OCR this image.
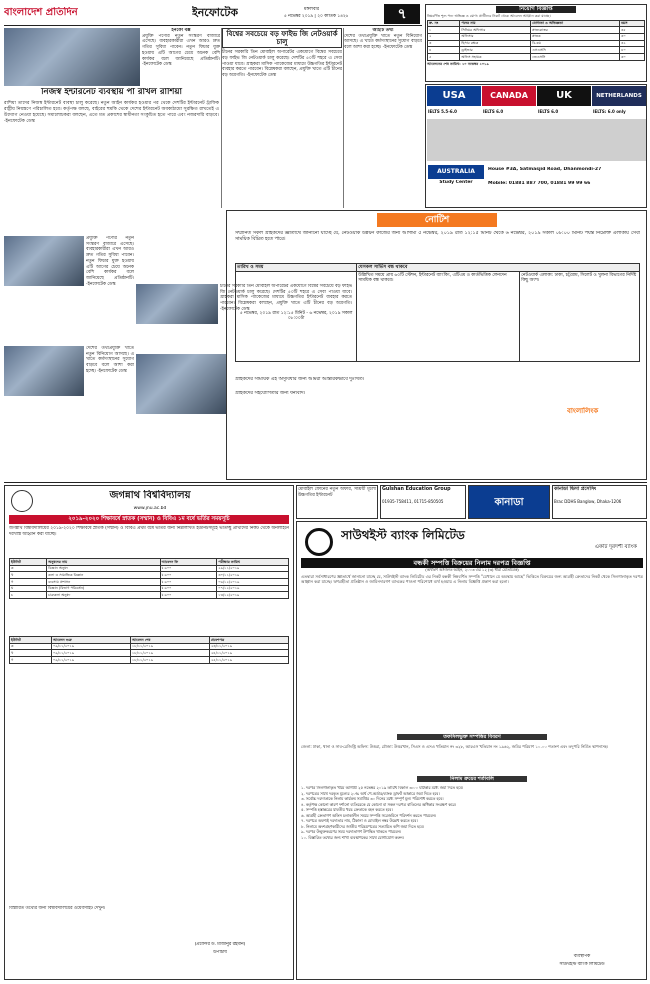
বাংলাদেশ প্রতিদিন	ইনফোটেক	মঙ্গলবার
৫ নভেম্বর ২০১৯ | ২০ কার্তিক ১৪২৬	৭	নিয়োগ বিজ্ঞপ্তি
নিম্নবর্ণিত শূন্য পদে অভিজ্ঞ ও যোগ্য প্রার্থীদের নিকট থেকে আবেদন আহ্বান করা যাচ্ছে।
ক্র. নং	পদের নাম	যোগ্যতা ও অভিজ্ঞতা	বয়স
১	সিনিয়র অফিসার	স্নাতকোত্তর	৩৫
২	অফিসার	স্নাতক	৩০
৩	হিসাব রক্ষক	বি.কম	৩২
৪	ড্রাইভার	এসএসসি	৪০
৫	অফিস সহায়ক	জেএসসি	৩০
আবেদনের শেষ তারিখ: ২০ নভেম্বর ২০১৯
ইনফো বক্স
প্রযুক্তি পণ্যের নতুন সংস্করণ বাজারে এসেছে। ব্যবহারকারীরা এখন আরও দ্রুত গতির সুবিধা পাবেন। নতুন ফিচার যুক্ত হওয়ায় এটি আগের চেয়ে অনেক বেশি কার্যকর বলে জানিয়েছে প্রতিষ্ঠানটি। -ইনফোটেক ডেস্ক
নিজস্ব ইন্টারনেট ব্যবস্থায় পা রাখল রাশিয়া
রাশিয়া তাদের নিজস্ব ইন্টারনেট ব্যবস্থা চালু করেছে। নতুন আইন কার্যকর হওয়ার পর থেকে দেশটির ইন্টারনেট ট্রাফিক রাষ্ট্রীয় নিয়ন্ত্রণে পরিচালিত হবে। কর্তৃপক্ষ বলছে, বাইরের হুমকি থেকে দেশের ইন্টারনেট অবকাঠামো সুরক্ষিত রাখতেই এ উদ্যোগ নেওয়া হয়েছে। সমালোচকরা বলছেন, এতে মত প্রকাশের স্বাধীনতা সংকুচিত হতে পারে এবং নজরদারি বাড়বে। -ইনফোটেক ডেস্ক
বিশ্বের সবচেয়ে বড় ফাইভ জি নেটওয়ার্ক চালু
চীনের সরকারি তিন মোবাইল অপারেটর একযোগে বিশ্বের সবচেয়ে বড় ফাইভ জি নেটওয়ার্ক চালু করেছে। দেশটির ৫০টি শহরে এ সেবা পাওয়া যাবে। গ্রাহকরা মাসিক প্যাকেজের মাধ্যমে উচ্চগতির ইন্টারনেট ব্যবহার করতে পারবেন। বিশ্লেষকরা বলছেন, প্রযুক্তি খাতে এটি চীনের বড় অগ্রগতি। -ইনফোটেক ডেস্ক
আইটি তথ্য
দেশের তথ্যপ্রযুক্তি খাতে নতুন বিনিয়োগ আসছে। এ খাতে কর্মসংস্থানের সুযোগ বাড়বে বলে আশা করা হচ্ছে। -ইনফোটেক ডেস্ক
USA	CANADA	UK	NETHERLANDS
IELTS 5.5-6.0	IELTS 6.0	IELTS 6.0	IELTS: 6.0 only
AUSTRALIA
Study Center
House #3A, Satmasjid Road, Dhanmondi-27
Mobile: 01881 887 700, 01881 99 99 66
প্রযুক্তি পণ্যের নতুন সংস্করণ বাজারে এসেছে। ব্যবহারকারীরা এখন আরও দ্রুত গতির সুবিধা পাবেন। নতুন ফিচার যুক্ত হওয়ায় এটি আগের চেয়ে অনেক বেশি কার্যকর বলে জানিয়েছে প্রতিষ্ঠানটি। -ইনফোটেক ডেস্ক
দেশের তথ্যপ্রযুক্তি খাতে নতুন বিনিয়োগ আসছে। এ খাতে কর্মসংস্থানের সুযোগ বাড়বে বলে আশা করা হচ্ছে। -ইনফোটেক ডেস্ক
চীনের সরকারি তিন মোবাইল অপারেটর একযোগে বিশ্বের সবচেয়ে বড় ফাইভ জি নেটওয়ার্ক চালু করেছে। দেশটির ৫০টি শহরে এ সেবা পাওয়া যাবে। গ্রাহকরা মাসিক প্যাকেজের মাধ্যমে উচ্চগতির ইন্টারনেট ব্যবহার করতে পারবেন। বিশ্লেষকরা বলছেন, প্রযুক্তি খাতে এটি চীনের বড় অগ্রগতি। -ইনফোটেক ডেস্ক
নোটিশ
সম্মানিত সকল গ্রাহকদের জ্ঞাতার্থে জানানো যাচ্ছে যে, নেটওয়ার্ক উন্নয়ন কাজের জন্য আগামী ৫ নভেম্বর, ২০১৯ রাত ১২:১৫ মিনিট থেকে ৬ নভেম্বর, ২০১৯ সকাল ০৮:০০ মিনিট পর্যন্ত নিম্নোক্ত এলাকায় সেবা সাময়িক বিঘ্নিত হতে পারে।
তারিখ ও সময়	যেসকল সার্ভিস বন্ধ থাকবে	
৫ নভেম্বর, ২০১৯ রাত ১২:১৫ মিনিট - ৬ নভেম্বর, ২০১৯ সকাল ০৮:০০টা	উল্লিখিত সময়ে প্রায় ৬০টি স্টেশন, ইন্টারনেট ব্যাংকিং, এটিএম ও কার্ডভিত্তিক লেনদেন সাময়িক বন্ধ থাকবে।	নেটওয়ার্ক এলাকা: ঢাকা, চট্টগ্রাম, সিলেট ও খুলনা বিভাগের নির্দিষ্ট কিছু অংশ।
গ্রাহকদের সাময়িক এই অসুবিধার জন্য আমরা আন্তরিকভাবে দুঃখিত।
গ্রাহকদের সহযোগিতার জন্য ধন্যবাদ।
বাংলালিংক
মোবাইল ফোনের নতুন অফার, সাশ্রয়ী মূল্যে উচ্চগতির ইন্টারনেট
Gulshan Education Group
01935-758411, 01715-850505	কানাডা
কানাডা ভিসা প্রসেসিং
Brac DDHS Banglow, Dhaka-1206
জগন্নাথ বিশ্ববিদ্যালয়
www.jnu.ac.bd
২০১৯-২০২০ শিক্ষাবর্ষে স্নাতক (সম্মান) ও বিবিএ ১ম বর্ষে ভর্তির সময়সূচি
জগন্নাথ বিশ্ববিদ্যালয়ের ২০১৯-২০২০ শিক্ষাবর্ষে স্নাতক (সম্মান) ও বিবিএ প্রথম বর্ষে ভর্তির জন্য নিম্নলিখিত ইউনিটসমূহে ভর্তিচ্ছু প্রার্থীদের নিকট থেকে অনলাইনে দরখাস্ত আহ্বান করা যাচ্ছে।
ইউনিট	অনুষদের নাম	আবেদন ফি	পরীক্ষার তারিখ
ক	বিজ্ঞান অনুষদ	৳ ৬০০	২৯/১১/২০১৯
খ	কলা ও সামাজিক বিজ্ঞান	৳ ৬০০	৩০/১১/২০১৯
গ	ব্যবসায় প্রশাসন	৳ ৬০০	০৬/১২/২০১৯
ঘ	বিজ্ঞান (বিভাগ পরিবর্তন)	৳ ৬০০	০৭/১২/২০১৯
চ	চারুকলা অনুষদ	৳ ৬০০	১৩/১২/২০১৯
ইউনিট	আবেদন শুরু	আবেদন শেষ	প্রবেশপত্র
ক	০৯/১১/২০১৯	১৮/১১/২০১৯	২৩/১১/২০১৯
খ	০৯/১১/২০১৯	১৮/১১/২০১৯	২৪/১১/২০১৯
গ	০৯/১১/২০১৯	১৮/১১/২০১৯	২৫/১১/২০১৯
বিস্তারিত তথ্যের জন্য বিশ্ববিদ্যালয়ের ওয়েবসাইট দেখুন।
(প্রফেসর ড. মীজানুর রহমান)
উপাচার্য
সাউথইস্ট ব্যাংক লিমিটেড
একটি দূরদর্শী ব্যাংক
বন্ধকী সম্পত্তি বিক্রয়ের নিলাম দরপত্র বিজ্ঞপ্তি
(অর্থঋণ আদালত আইন, ২০০৩ এর ১২ (৩) ধারা মোতাবেক)
এতদ্বারা সর্বসাধারণের জ্ঞাতার্থে জানানো যাচ্ছে যে, সাউথইস্ট ব্যাংক লিমিটেড এর নিকট বন্ধকী নিম্নবর্ণিত সম্পত্তি "যেখানে যে অবস্থায় আছে" ভিত্তিতে বিক্রয়ের জন্য আগ্রহী ক্রেতাদের নিকট থেকে সিলগালাকৃত দরপত্র আহ্বান করা যাচ্ছে। ঋণগ্রহীতা প্রতিষ্ঠান ও জামিনদারগণ ব্যাংকের পাওনা পরিশোধে ব্যর্থ হওয়ায় এ নিলাম বিজ্ঞপ্তি প্রকাশ করা হলো।
তফসিলভুক্ত সম্পত্তির বিবরণ
জেলা: ঢাকা, থানা ও সাব-রেজিস্ট্রি অফিস: উত্তরা, মৌজা: উত্তরখান, সিএস ও এসএ খতিয়ান নং ৩২৮, আরএস খতিয়ান নং ১৯৬২, জমির পরিমাণ ১০.০০ শতাংশ এবং তদুপরি নির্মিত স্থাপনাসহ।
নিলাম ক্রয়ের শর্তাবলি
১. দরপত্র সিলগালাকৃত খামে আগামী ২৫ নভেম্বর ২০১৯ তারিখ বিকাল ৩:০০ ঘটিকার মধ্যে জমা দিতে হবে।
২. দরপত্রের সাথে দরকৃত মূল্যের ২০% অর্থ পে-অর্ডার/ব্যাংক ড্রাফট আকারে জমা দিতে হবে।
৩. সর্বোচ্চ দরদাতাকে নিলাম কার্যক্রম সমাপ্তির ৩০ দিনের মধ্যে সম্পূর্ণ মূল্য পরিশোধ করতে হবে।
৪. কর্তৃপক্ষ কোনো কারণ দর্শানো ব্যতিরেকে যে কোনো বা সকল দরপত্র বাতিলের অধিকার সংরক্ষণ করে।
৫. সম্পত্তি হস্তান্তরের যাবতীয় খরচ ক্রেতাকে বহন করতে হবে।
৬. আগ্রহী ক্রেতাগণ অফিস চলাকালীন সময়ে সম্পত্তি সরেজমিনে পরিদর্শন করতে পারবেন।
৭. দরপত্রে অবশ্যই দরদাতার নাম, ঠিকানা ও মোবাইল নম্বর উল্লেখ করতে হবে।
৮. নিলামে অংশগ্রহণকারীদের জাতীয় পরিচয়পত্রের সত্যায়িত কপি জমা দিতে হবে।
৯. দরপত্র উন্মুক্তকরণের সময় দরদাতাগণ উপস্থিত থাকতে পারবেন।
১০. বিস্তারিত তথ্যের জন্য শাখা ব্যবস্থাপকের সাথে যোগাযোগ করুন।
ব্যবস্থাপক
সাউথইস্ট ব্যাংক লিমিটেড
